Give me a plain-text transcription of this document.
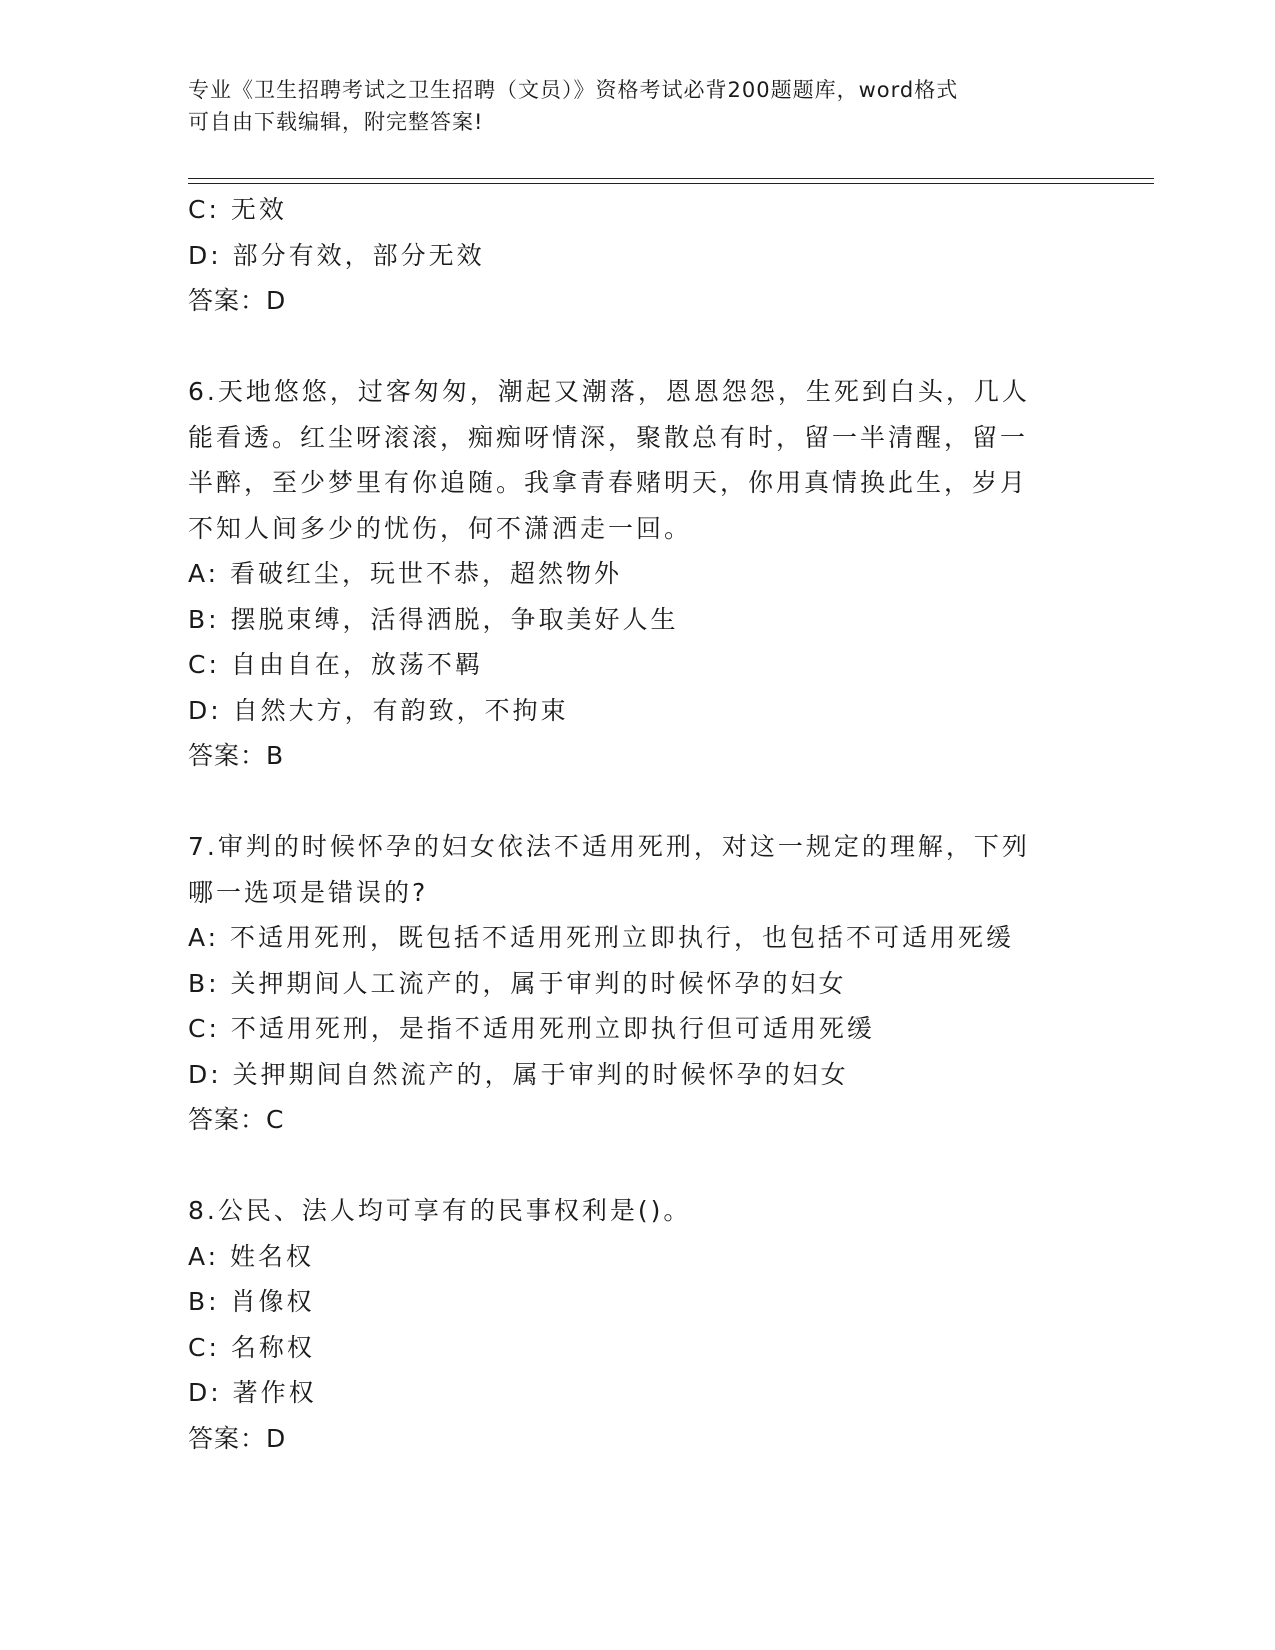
专业《卫生招聘考试之卫生招聘（文员）》资格考试必背200题题库，word格式
可自由下载编辑，附完整答案!

C: 无效

D: 部分有效，部分无效

答案：D

6.天地悠悠，过客匆匆，潮起又潮落，恩恩怨怨，生死到白头，几人

能看透。红尘呀滚滚，痴痴呀情深，聚散总有时，留一半清醒，留一

半醉，至少梦里有你追随。我拿青春赌明天，你用真情换此生，岁月

不知人间多少的忧伤，何不潇洒走一回。

A: 看破红尘，玩世不恭，超然物外

B: 摆脱束缚，活得洒脱，争取美好人生

C: 自由自在，放荡不羁

D: 自然大方，有韵致，不拘束

答案：B

7.审判的时候怀孕的妇女依法不适用死刑，对这一规定的理解，下列

哪一选项是错误的?

A: 不适用死刑，既包括不适用死刑立即执行，也包括不可适用死缓

B: 关押期间人工流产的，属于审判的时候怀孕的妇女

C: 不适用死刑，是指不适用死刑立即执行但可适用死缓

D: 关押期间自然流产的，属于审判的时候怀孕的妇女

答案：C

8.公民、法人均可享有的民事权利是()。

A: 姓名权

B: 肖像权

C: 名称权

D: 著作权

答案：D
